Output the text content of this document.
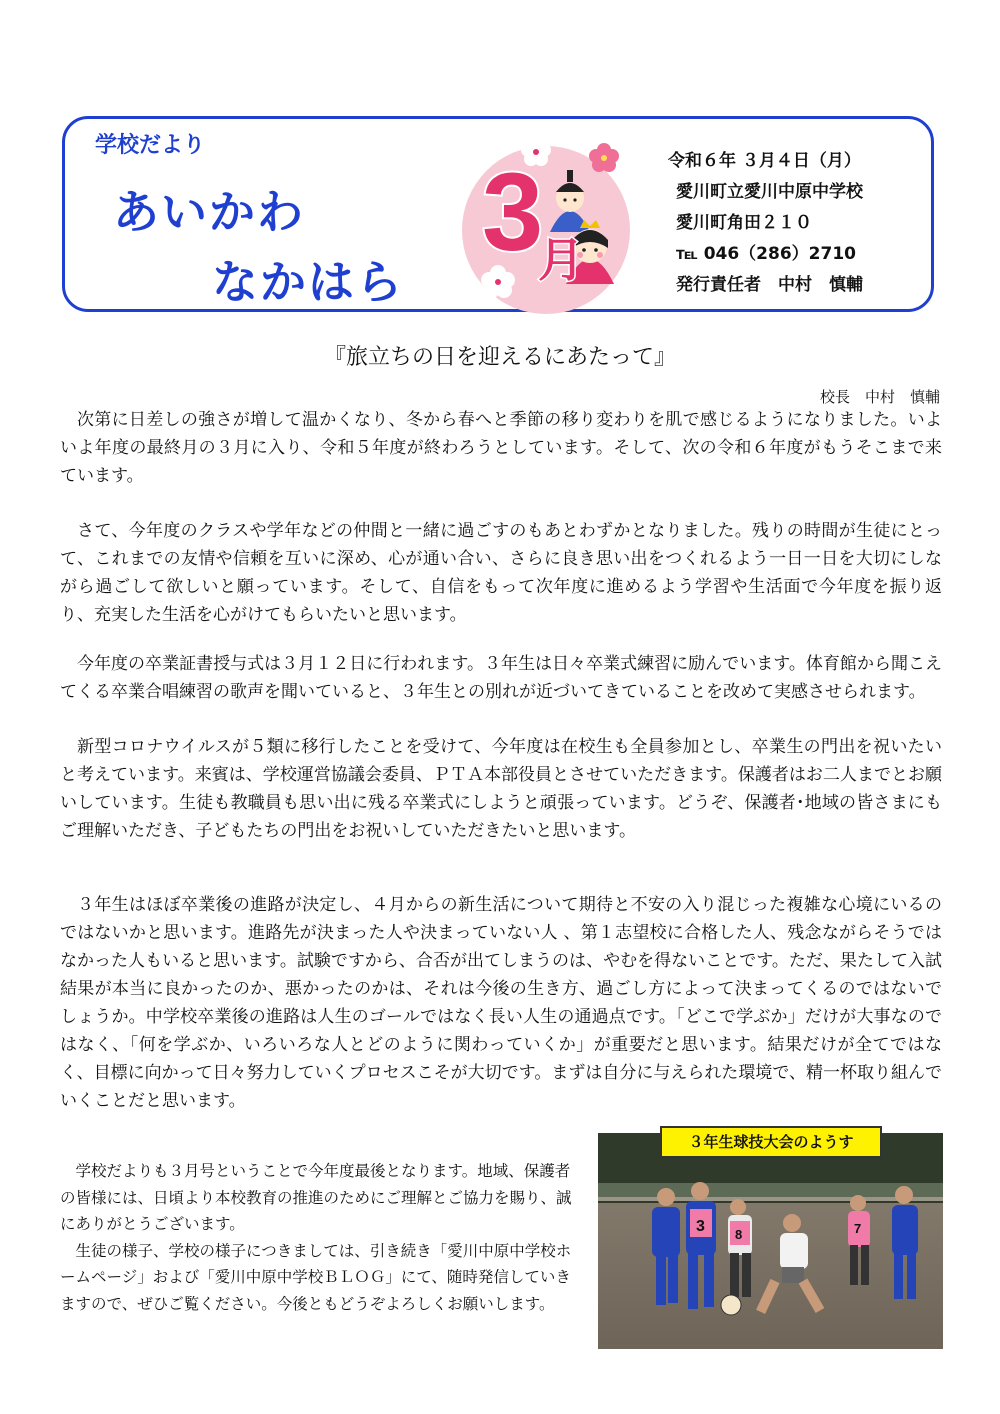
学校だより
あいかわ
なかはら
3
月
令和６年 ３月４日（月）
愛川町立愛川中原中学校
愛川町角田２１０
℡ 046（286）2710
発行責任者　中村　慎輔
『旅立ちの日を迎えるにあたって』
校長　中村　慎輔

次第に日差しの強さが増して温かくなり、冬から春へと季節の移り変わりを肌で感じるようになりました。いよいよ年度の最終月の３月に入り、令和５年度が終わろうとしています。そして、次の令和６年度がもうそこまで来ています。

さて、今年度のクラスや学年などの仲間と一緒に過ごすのもあとわずかとなりました。残りの時間が生徒にとって、これまでの友情や信頼を互いに深め、心が通い合い、さらに良き思い出をつくれるよう一日一日を大切にしながら過ごして欲しいと願っています。そして、自信をもって次年度に進めるよう学習や生活面で今年度を振り返り、充実した生活を心がけてもらいたいと思います。

今年度の卒業証書授与式は３月１２日に行われます。３年生は日々卒業式練習に励んでいます。体育館から聞こえてくる卒業合唱練習の歌声を聞いていると、３年生との別れが近づいてきていることを改めて実感させられます。

新型コロナウイルスが５類に移行したことを受けて、今年度は在校生も全員参加とし、卒業生の門出を祝いたいと考えています。来賓は、学校運営協議会委員、ＰＴＡ本部役員とさせていただきます。保護者はお二人までとお願いしています。生徒も教職員も思い出に残る卒業式にしようと頑張っています。どうぞ、保護者･地域の皆さまにもご理解いただき、子どもたちの門出をお祝いしていただきたいと思います。

３年生はほぼ卒業後の進路が決定し、４月からの新生活について期待と不安の入り混じった複雑な心境にいるのではないかと思います。進路先が決まった人や決まっていない人 、第１志望校に合格した人、残念ながらそうではなかった人もいると思います。試験ですから、合否が出てしまうのは、やむを得ないことです。ただ、果たして入試結果が本当に良かったのか、悪かったのかは、それは今後の生き方、過ごし方によって決まってくるのではないでしょうか。中学校卒業後の進路は人生のゴールではなく長い人生の通過点です。「どこで学ぶか」だけが大事なのではなく、「何を学ぶか、いろいろな人とどのように関わっていくか」が重要だと思います。結果だけが全てではなく、目標に向かって日々努力していくプロセスこそが大切です。まずは自分に与えられた環境で、精一杯取り組んでいくことだと思います。

学校だよりも３月号ということで今年度最後となります。地域、保護者の皆様には、日頃より本校教育の推進のためにご理解とご協力を賜り、誠にありがとうございます。

生徒の様子、学校の様子につきましては、引き続き「愛川中原中学校ホームページ」および「愛川中原中学校ＢＬＯＧ」にて、随時発信していきますので、ぜひご覧ください。今後ともどうぞよろしくお願いします。

3 8	7
３年生球技大会のようす
